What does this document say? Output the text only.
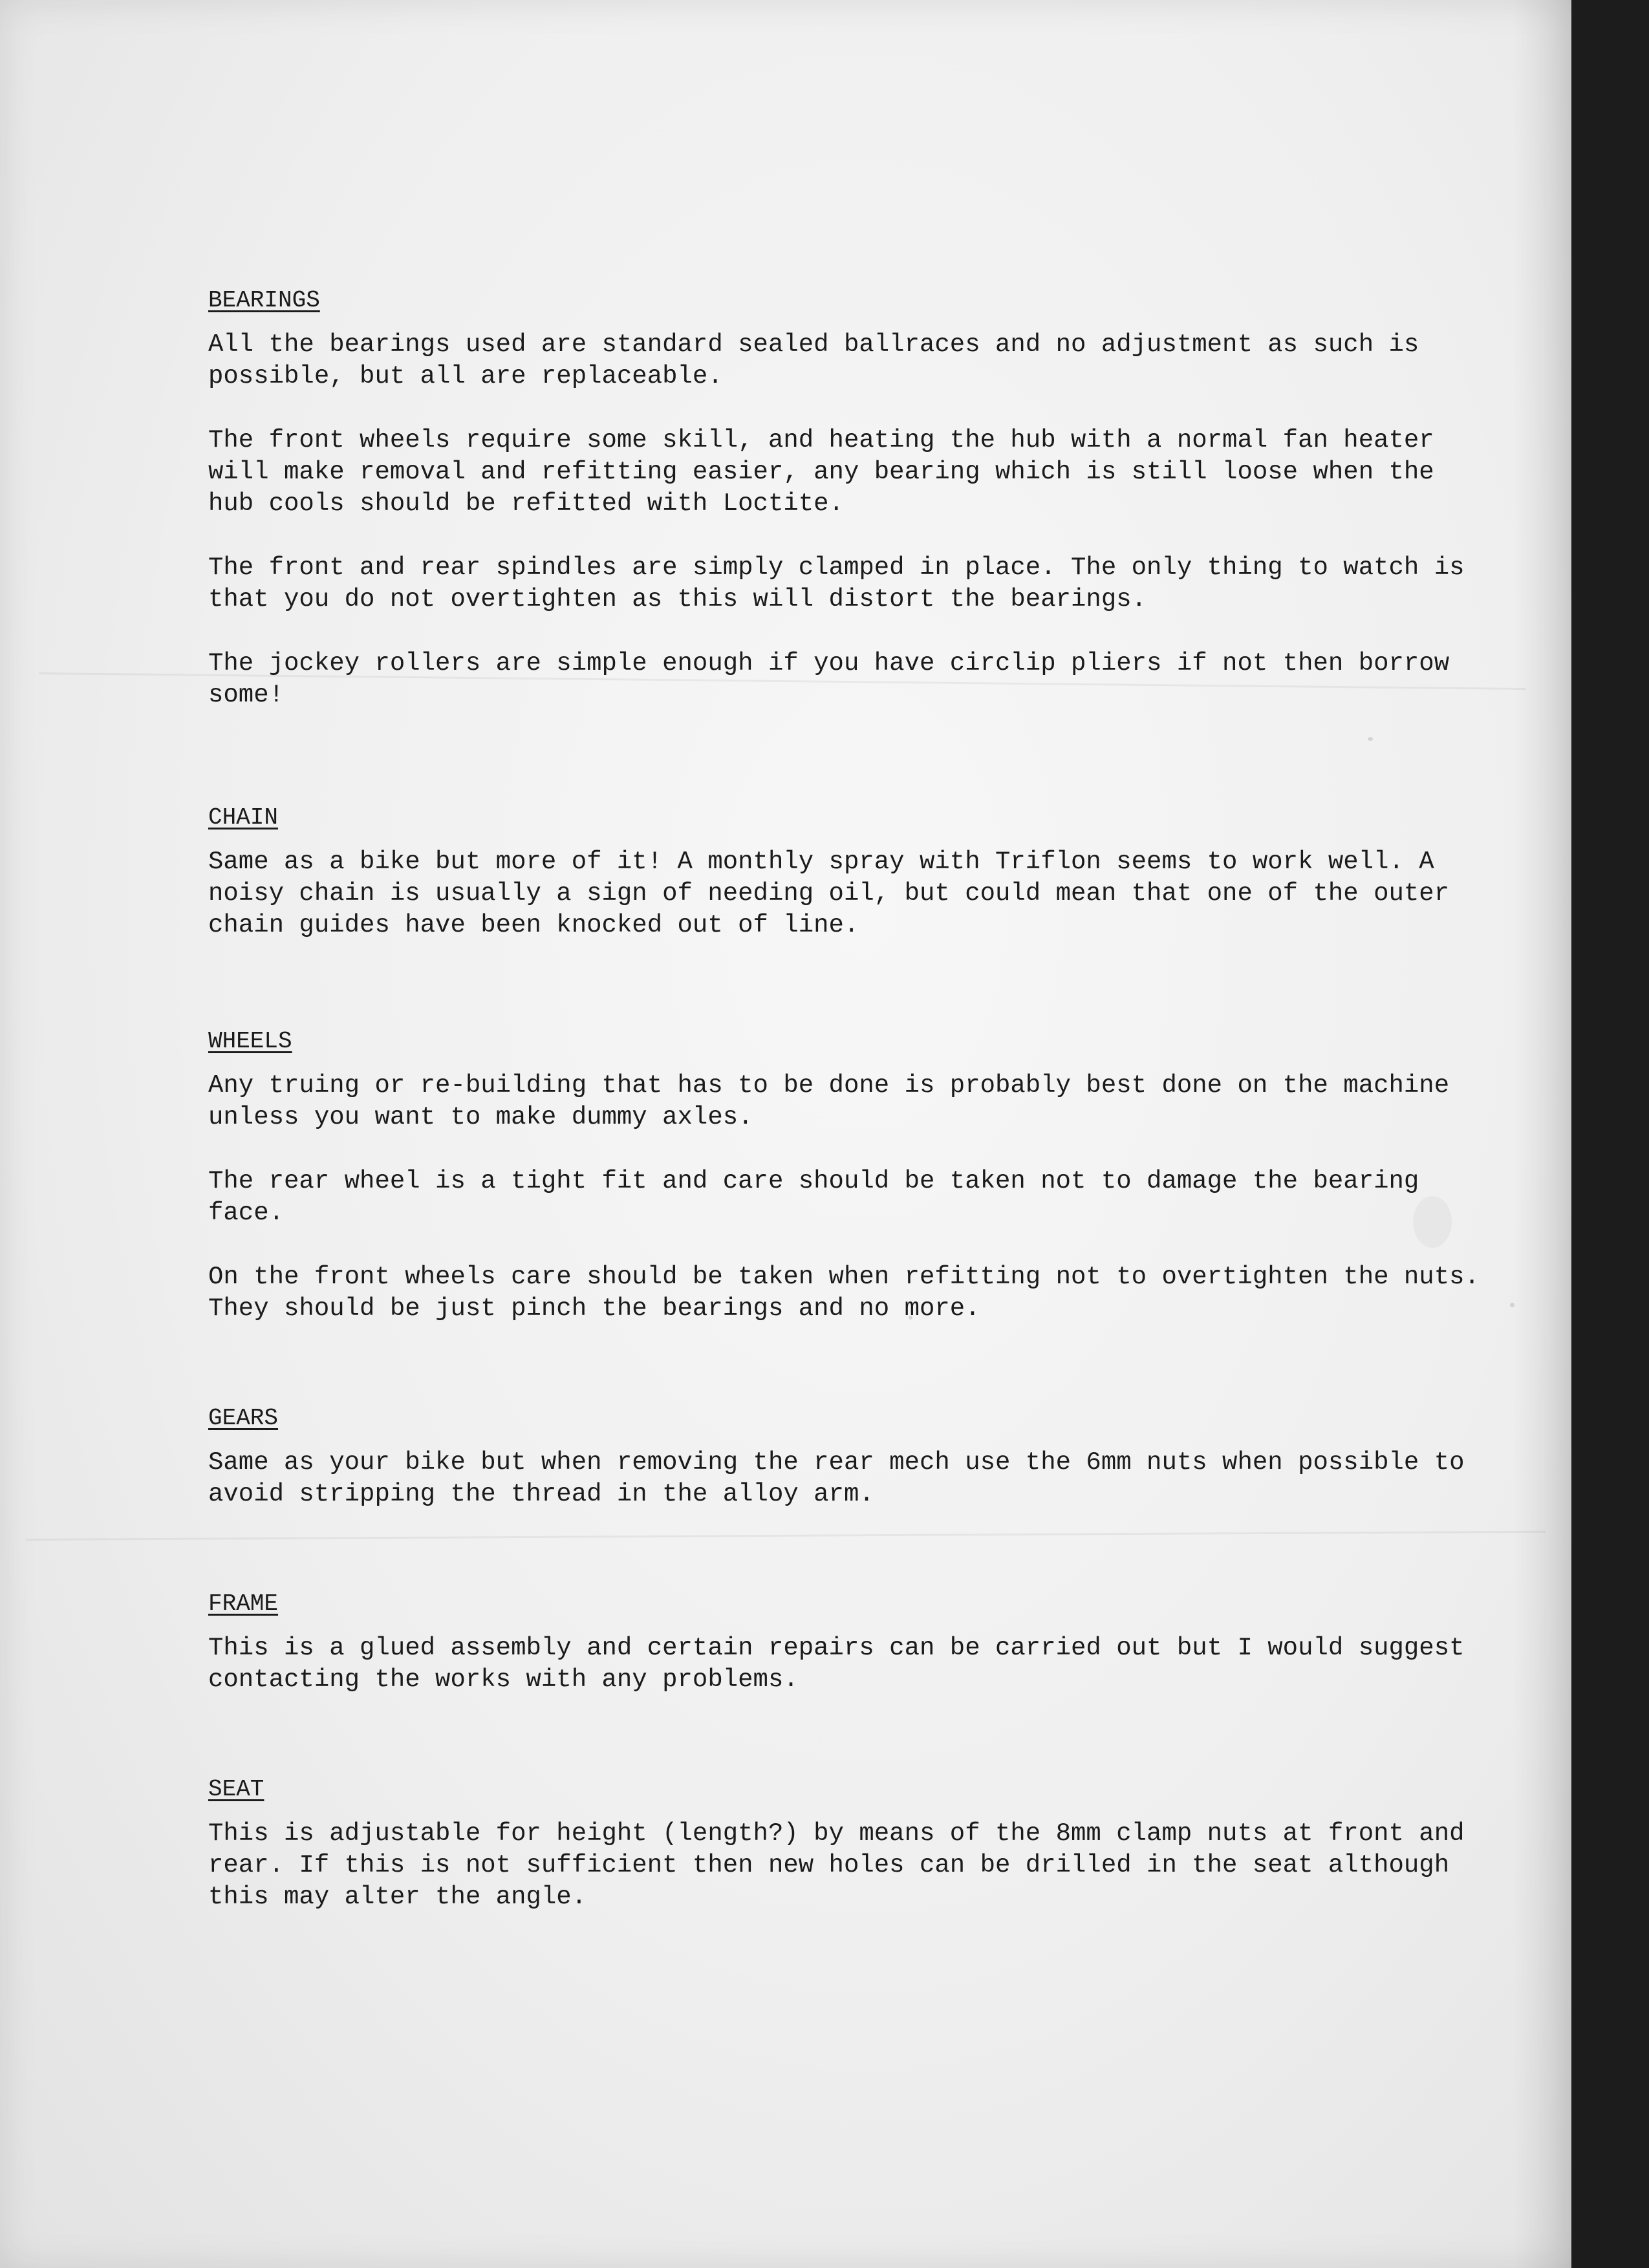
BEARINGS

All the bearings used are standard sealed ballraces and no adjustment as such is possible, but all are replaceable.

The front wheels require some skill, and heating the hub with a normal fan heater will make removal and refitting easier, any bearing which is still loose when the hub cools should be refitted with Loctite.

The front and rear spindles are simply clamped in place. The only thing to watch is that you do not overtighten as this will distort the bearings.

The jockey rollers are simple enough if you have circlip pliers if not then borrow some!

CHAIN

Same as a bike but more of it! A monthly spray with Triflon seems to work well. A noisy chain is usually a sign of needing oil, but could mean that one of the outer chain guides have been knocked out of line.

WHEELS

Any truing or re-building that has to be done is probably best done on the machine unless you want to make dummy axles.

The rear wheel is a tight fit and care should be taken not to damage the bearing face.

On the front wheels care should be taken when refitting not to overtighten the nuts. They should be just pinch the bearings and no more.

GEARS

Same as your bike but when removing the rear mech use the 6mm nuts when possible to avoid stripping the thread in the alloy arm.

FRAME

This is a glued assembly and certain repairs can be carried out but I would suggest contacting the works with any problems.

SEAT

This is adjustable for height (length?) by means of the 8mm clamp nuts at front and rear. If this is not sufficient then new holes can be drilled in the seat although this may alter the angle.
